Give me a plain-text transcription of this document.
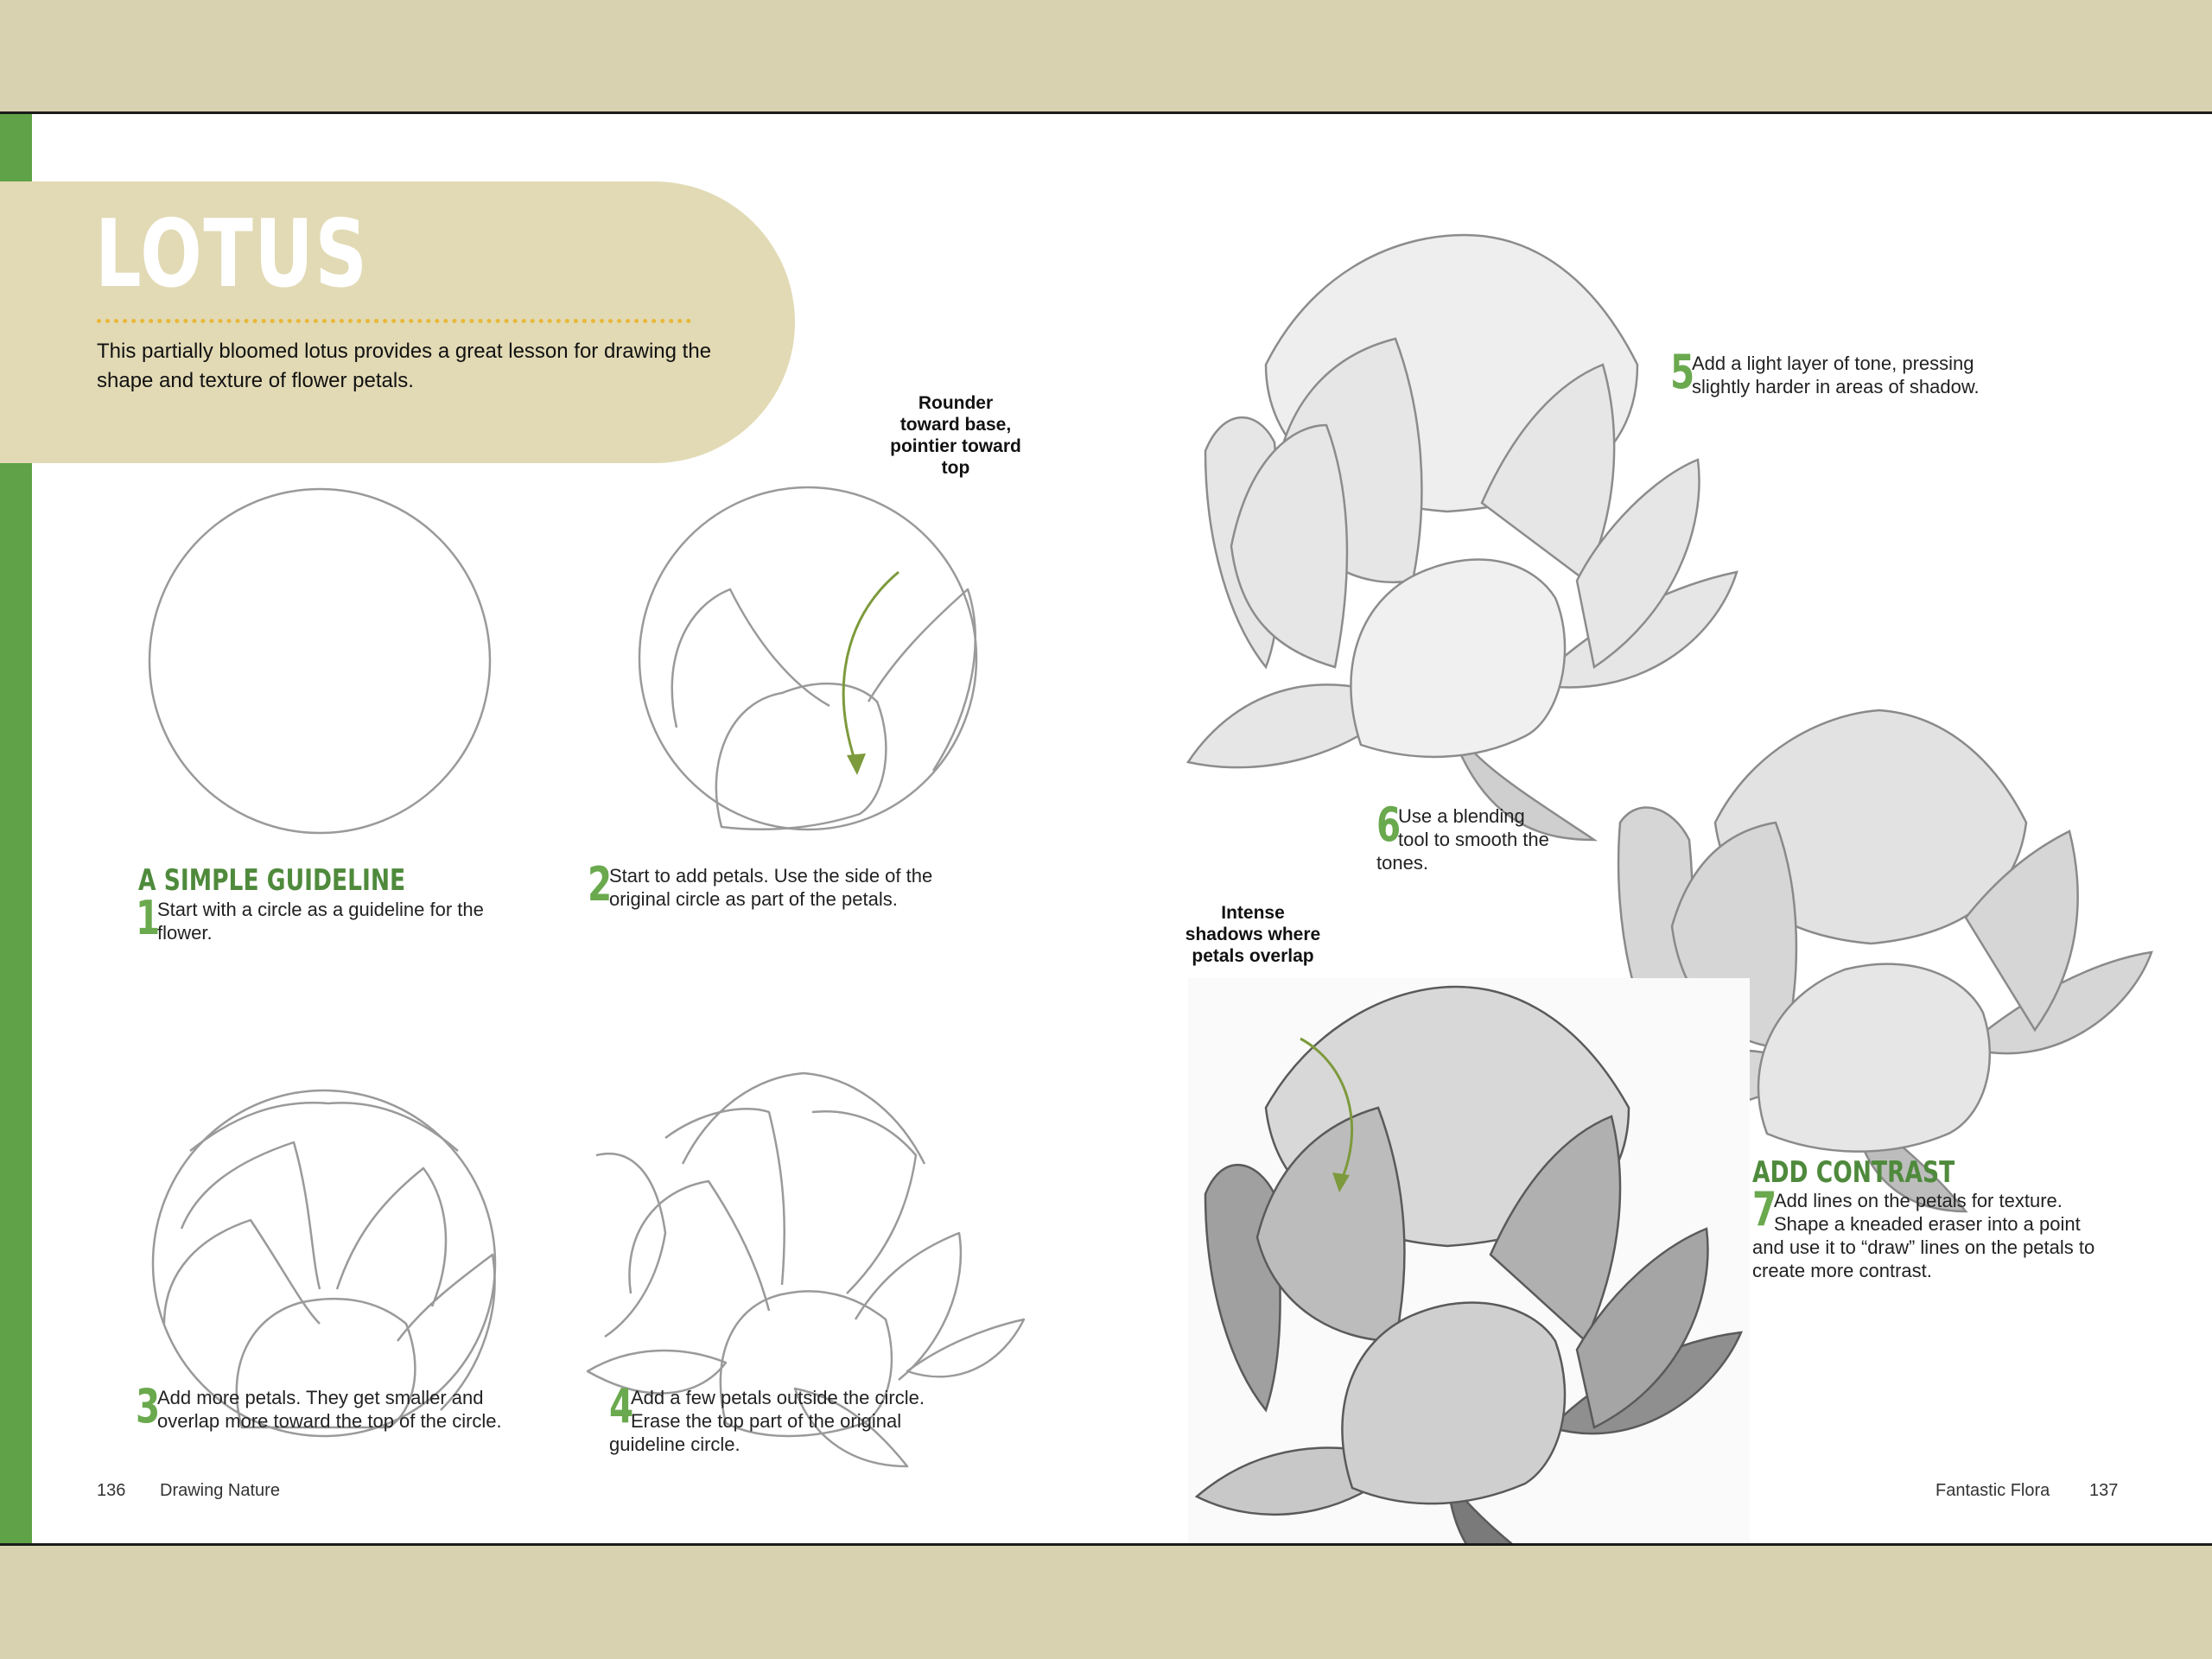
LOTUS
This partially bloomed lotus provides a great lesson for drawing the shape and texture of flower petals.
Rounder toward base, pointier toward top
Intense shadows where petals overlap
A SIMPLE GUIDELINE
1
Start with a circle as a guideline for the flower.
2
Start to add petals. Use the side of the original circle as part of the petals.
3
Add more petals. They get smaller and overlap more toward the top of the circle.	4
Add a few petals outside the circle. Erase the top part of the original guideline circle.
5
Add a light layer of tone, pressing slightly harder in areas of shadow.
6
Use a blending tool to smooth the tones.
ADD CONTRAST
7
Add lines on the petals for texture. Shape a kneaded eraser into a point and use it to “draw” lines on the petals to create more contrast.
136 Drawing Nature	Fantastic Flora 137
